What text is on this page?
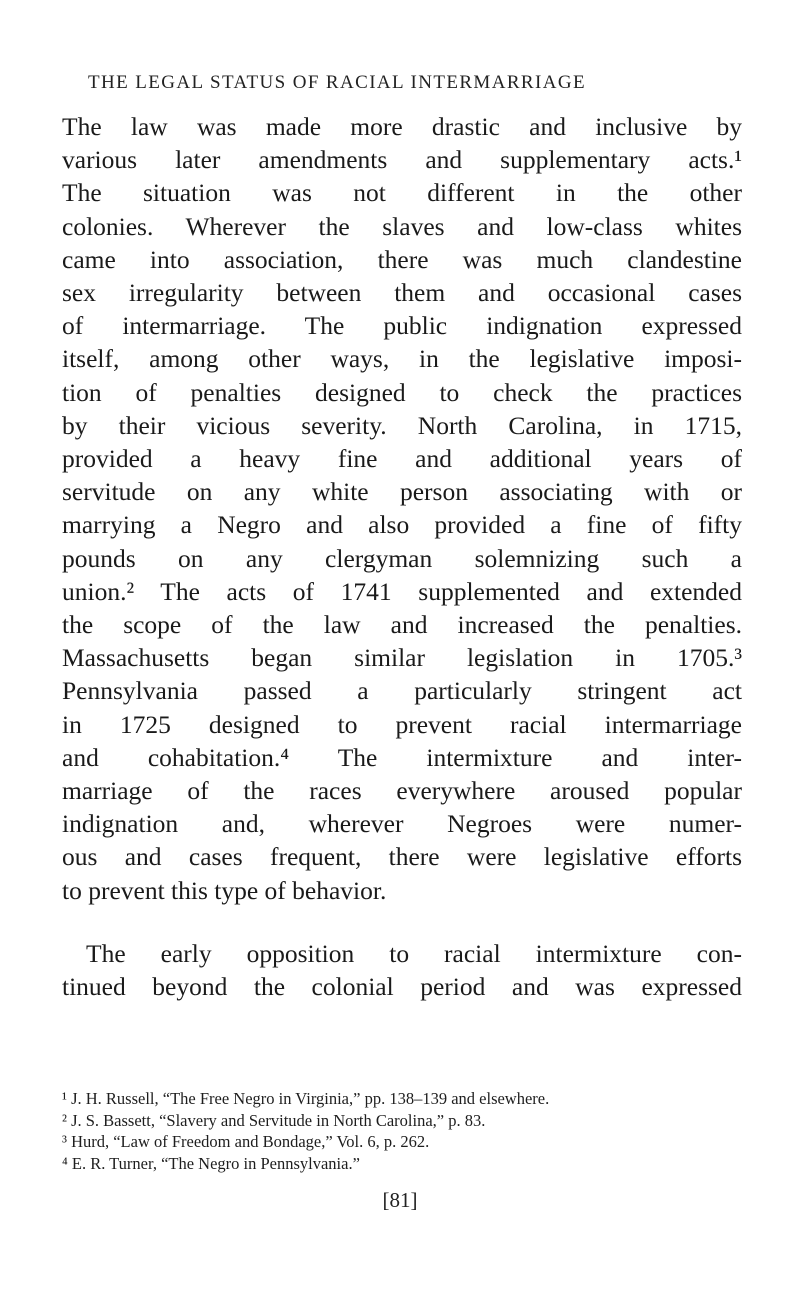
THE LEGAL STATUS OF RACIAL INTERMARRIAGE
The law was made more drastic and inclusive by
various later amendments and supplementary acts.¹
The situation was not different in the other
colonies. Wherever the slaves and low-class whites
came into association, there was much clandestine
sex irregularity between them and occasional cases
of intermarriage. The public indignation expressed
itself, among other ways, in the legislative imposi-
tion of penalties designed to check the practices
by their vicious severity. North Carolina, in 1715,
provided a heavy fine and additional years of
servitude on any white person associating with or
marrying a Negro and also provided a fine of fifty
pounds on any clergyman solemnizing such a
union.² The acts of 1741 supplemented and extended
the scope of the law and increased the penalties.
Massachusetts began similar legislation in 1705.³
Pennsylvania passed a particularly stringent act
in 1725 designed to prevent racial intermarriage
and cohabitation.⁴ The intermixture and inter-
marriage of the races everywhere aroused popular
indignation and, wherever Negroes were numer-
ous and cases frequent, there were legislative efforts
to prevent this type of behavior.
The early opposition to racial intermixture con-
tinued beyond the colonial period and was expressed
¹ J. H. Russell, “The Free Negro in Virginia,” pp. 138–139 and elsewhere.
² J. S. Bassett, “Slavery and Servitude in North Carolina,” p. 83.
³ Hurd, “Law of Freedom and Bondage,” Vol. 6, p. 262.
⁴ E. R. Turner, “The Negro in Pennsylvania.”
[81]
